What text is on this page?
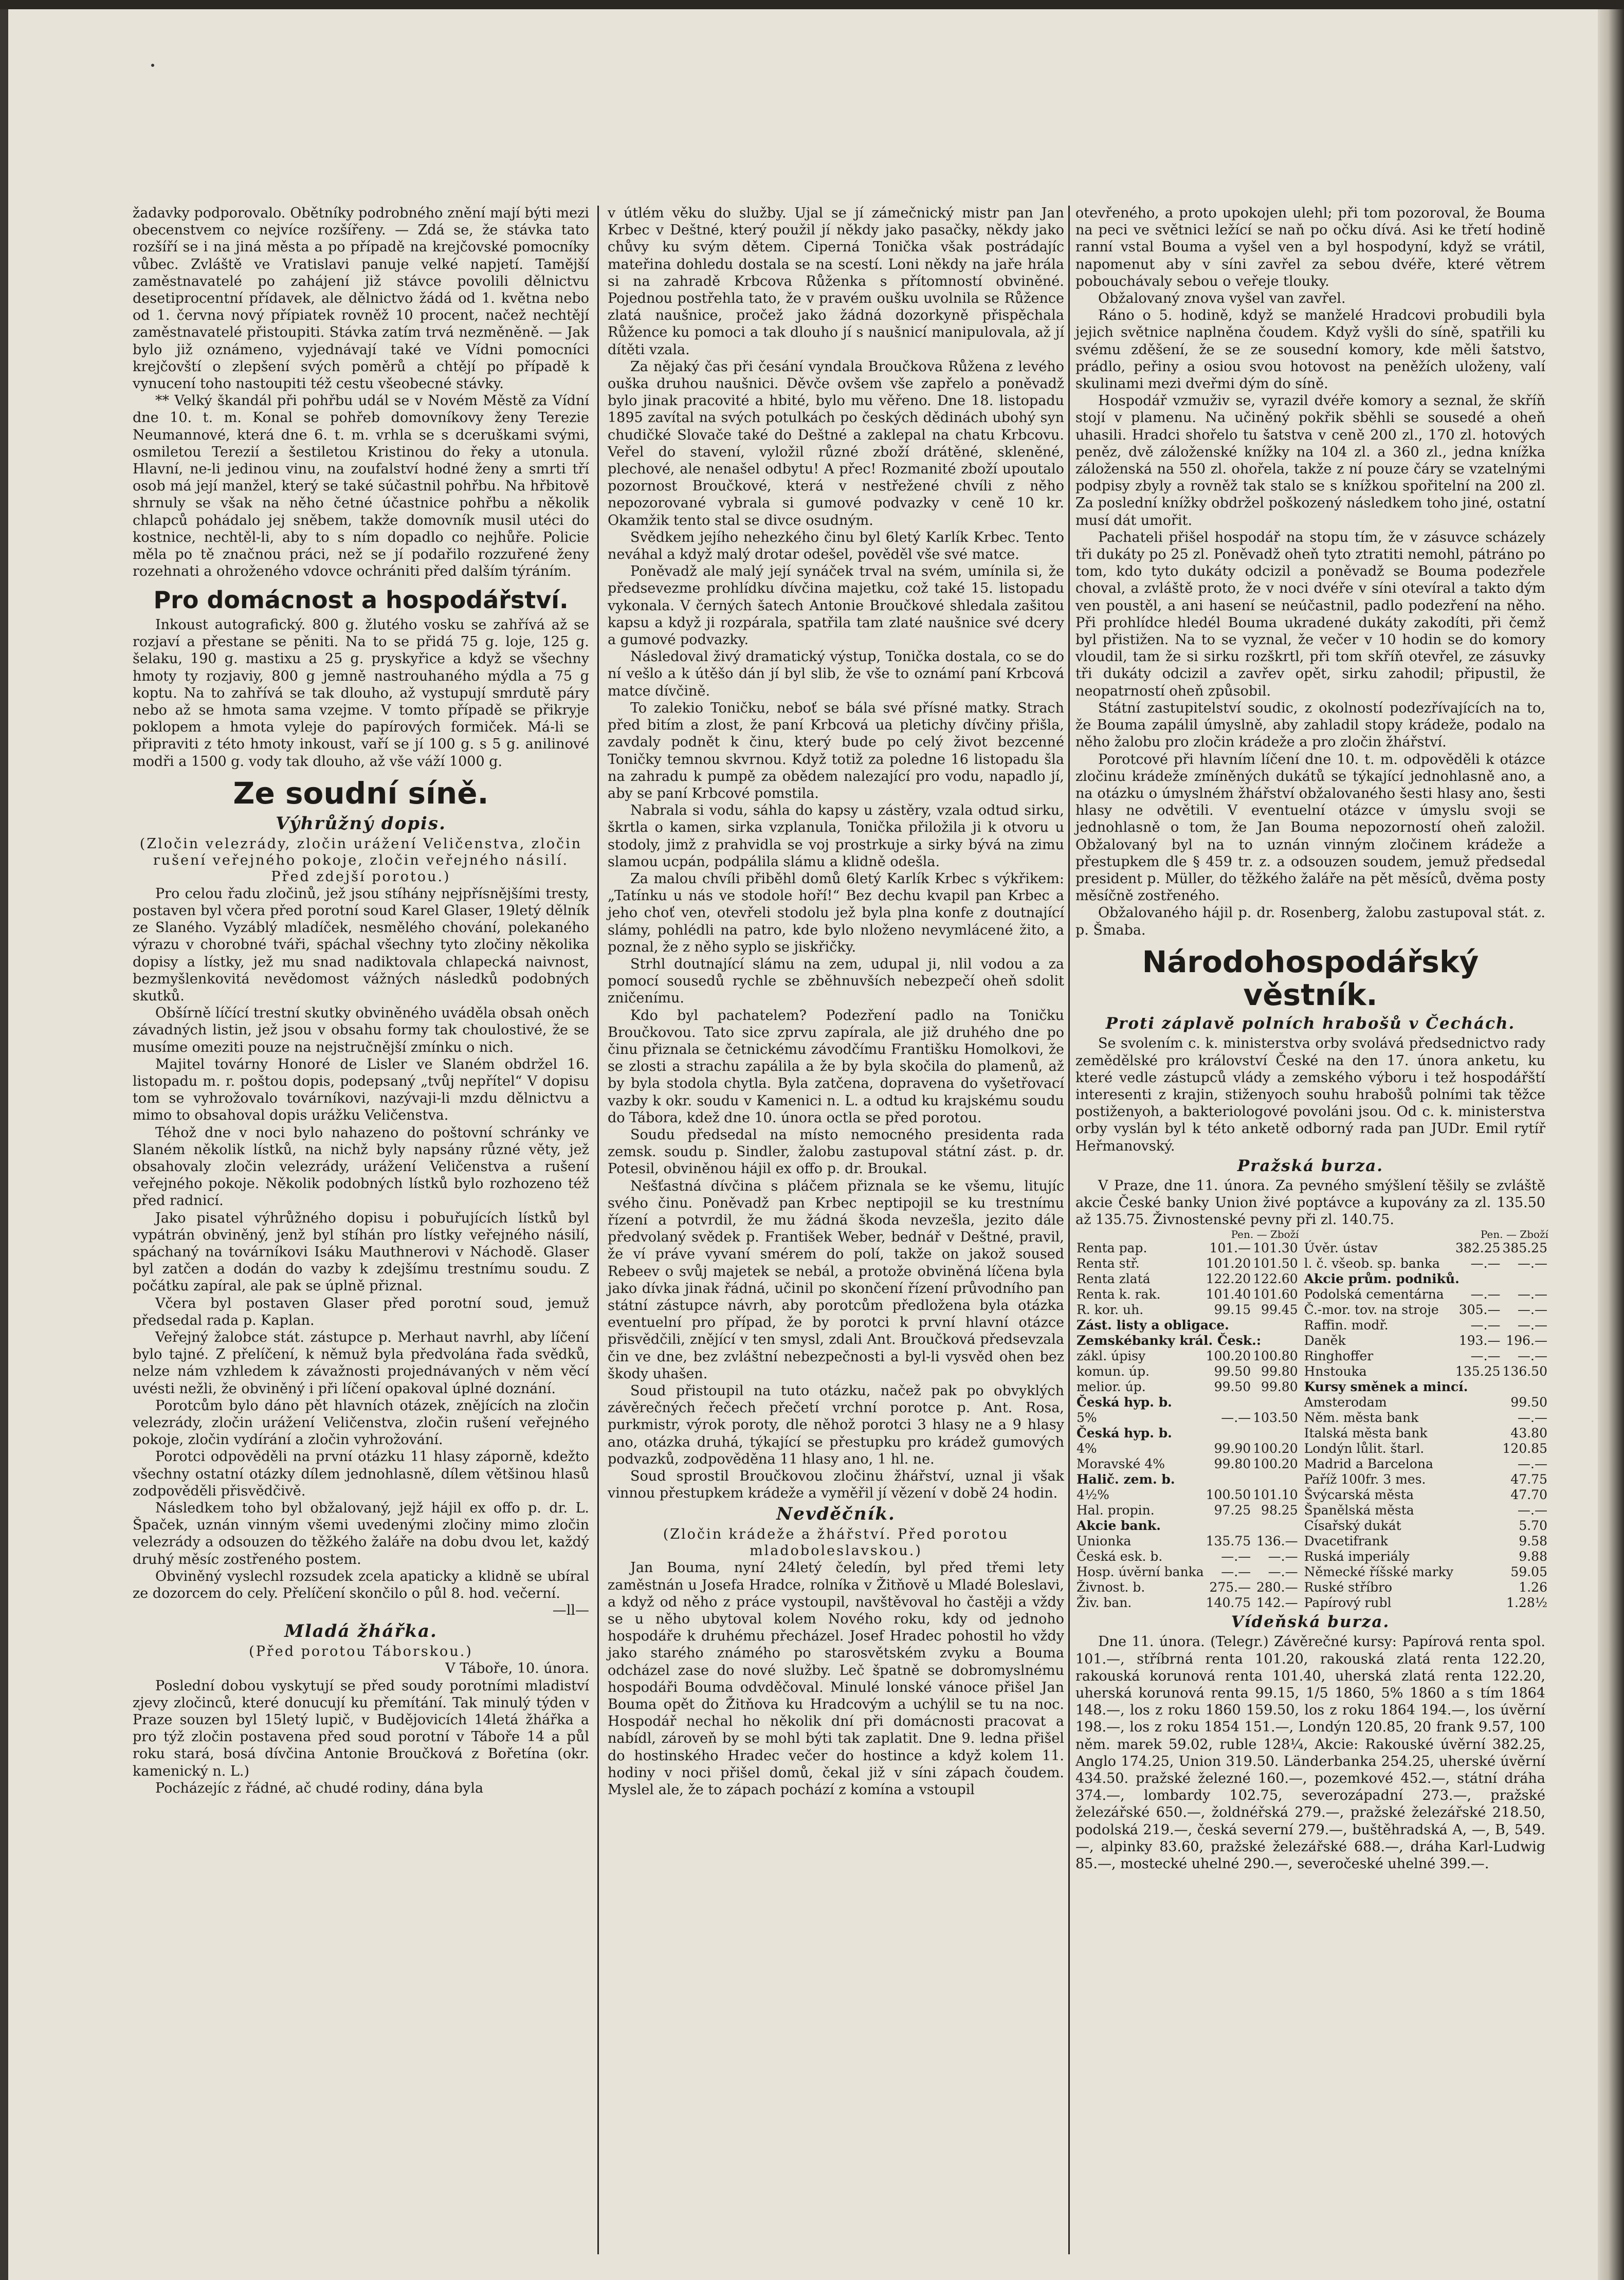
žadavky podporovalo. Obětníky podrobného znění mají býti mezi obecenstvem co nejvíce rozšířeny. — Zdá se, že stávka tato rozšíří se i na jiná města a po případě na krejčovské pomocníky vůbec. Zvláště ve Vratislavi panuje velké napjetí. Tamější zaměstnavatelé po zahájení již stávce povolili dělnictvu desetiprocentní přídavek, ale dělnictvo žádá od 1. května nebo od 1. června nový přípiatek rovněž 10 procent, načež nechtějí zaměstnavatelé přistoupiti. Stávka zatím trvá nezměněně. — Jak bylo již oznámeno, vyjednávají také ve Vídni pomocníci krejčovští o zlepšení svých poměrů a chtějí po případě k vynucení toho nastoupiti též cestu všeobecné stávky.

** Velký škandál při pohřbu udál se v Novém Městě za Vídní dne 10. t. m. Konal se pohřeb domovníkovy ženy Terezie Neumannové, která dne 6. t. m. vrhla se s dceruškami svými, osmiletou Terezií a šestiletou Kristinou do řeky a utonula. Hlavní, ne-li jedinou vinu, na zoufalství hodné ženy a smrti tří osob má její manžel, který se také súčastnil pohřbu. Na hřbitově shrnuly se však na něho četné účastnice pohřbu a několik chlapců pohádalo jej sněbem, takže domovník musil utéci do kostnice, nechtěl-li, aby to s ním dopadlo co nejhůře. Policie měla po tě značnou práci, než se jí podařilo rozzuřené ženy rozehnati a ohroženého vdovce ochrániti před dalším týráním.

Pro domácnost a hospodářství.

Inkoust autografický. 800 g. žlutého vosku se zahřívá až se rozjaví a přestane se pěniti. Na to se přidá 75 g. loje, 125 g. šelaku, 190 g. mastixu a 25 g. pryskyřice a když se všechny hmoty ty rozjaviy, 800 g jemně nastrouhaného mýdla a 75 g koptu. Na to zahřívá se tak dlouho, až vystupují smrdutě páry nebo až se hmota sama vzejme. V tomto případě se přikryje poklopem a hmota vyleje do papírových formiček. Má-li se připraviti z této hmoty inkoust, vaří se jí 100 g. s 5 g. anilinové modři a 1500 g. vody tak dlouho, až vše váží 1000 g.

Ze soudní síně.
Výhrůžný dopis.
(Zločin velezrády, zločin urážení Veličenstva, zločin rušení veřejného pokoje, zločin veřejného násilí. Před zdejší porotou.)

Pro celou řadu zločinů, jež jsou stíhány nejpřísnějšími tresty, postaven byl včera před porotní soud Karel Glaser, 19letý dělník ze Slaného. Vyzáblý mladíček, nesmělého chování, polekaného výrazu v chorobné tváři, spáchal všechny tyto zločiny několika dopisy a lístky, jež mu snad nadiktovala chlapecká naivnost, bezmyšlenkovitá nevědomost vážných následků podobných skutků.

Obšírně líčící trestní skutky obviněného uváděla obsah oněch závadných listin, jež jsou v obsahu formy tak choulostivé, že se musíme omeziti pouze na nejstručnější zmínku o nich.

Majitel továrny Honoré de Lisler ve Slaném obdržel 16. listopadu m. r. poštou dopis, podepsaný „tvůj nepřítel“ V dopisu tom se vyhrožovalo továrníkovi, nazývaji-li mzdu dělnictvu a mimo to obsahoval dopis urážku Veličenstva.

Téhož dne v noci bylo nahazeno do poštovní schránky ve Slaném několik lístků, na nichž byly napsány různé věty, jež obsahovaly zločin velezrády, urážení Veličenstva a rušení veřejného pokoje. Několik podobných lístků bylo rozhozeno též před radnicí.

Jako pisatel výhrůžného dopisu i pobuřujících lístků byl vypátrán obviněný, jenž byl stíhán pro lístky veřejného násilí, spáchaný na továrníkovi Isáku Mauthnerovi v Náchodě. Glaser byl zatčen a dodán do vazby k zdejšímu trestnímu soudu. Z počátku zapíral, ale pak se úplně přiznal.

Včera byl postaven Glaser před porotní soud, jemuž předsedal rada p. Kaplan.

Veřejný žalobce stát. zástupce p. Merhaut navrhl, aby líčení bylo tajné. Z přelíčení, k němuž byla předvolána řada svědků, nelze nám vzhledem k závažnosti projednávaných v něm věcí uvésti nežli, že obviněný i při líčení opakoval úplné doznání.

Porotcům bylo dáno pět hlavních otázek, znějících na zločin velezrády, zločin urážení Veličenstva, zločin rušení veřejného pokoje, zločin vydírání a zločin vyhrožování.

Porotci odpověděli na první otázku 11 hlasy záporně, kdežto všechny ostatní otázky dílem jednohlasně, dílem většinou hlasů zodpověděli přisvědčivě.

Následkem toho byl obžalovaný, jejž hájil ex offo p. dr. L. Špaček, uznán vinným všemi uvedenými zločiny mimo zločin velezrády a odsouzen do těžkého žaláře na dobu dvou let, každý druhý měsíc zostřeného postem.

Obviněný vyslechl rozsudek zcela apaticky a klidně se ubíral ze dozorcem do cely. Přelíčení skončilo o půl 8. hod. večerní.

—ll—

Mladá žhářka.
(Před porotou Táborskou.)

V Táboře, 10. února.

Poslední dobou vyskytují se před soudy porotními mladiství zjevy zločinců, které donucují ku přemítání. Tak minulý týden v Praze souzen byl 15letý lupič, v Budějovicích 14letá žhářka a pro týž zločin postavena před soud porotní v Táboře 14 a půl roku stará, bosá dívčina Antonie Broučková z Bořetína (okr. kamenický n. L.)

Pocházejíc z řádné, ač chudé rodiny, dána byla

v útlém věku do služby. Ujal se jí zámečnický mistr pan Jan Krbec v Deštné, který použil jí někdy jako pasačky, někdy jako chůvy ku svým dětem. Ciperná Tonička však postrádajíc mateřina dohledu dostala se na scestí. Loni někdy na jaře hrála si na zahradě Krbcova Růženka s přítomností obviněné. Pojednou postřehla tato, že v pravém oušku uvolnila se Růžence zlatá naušnice, pročež jako žádná dozorkyně přispěchala Růžence ku pomoci a tak dlouho jí s naušnicí manipulovala, až jí dítěti vzala.

Za nějaký čas při česání vyndala Broučkova Růžena z levého ouška druhou naušnici. Děvče ovšem vše zapřelo a poněvadž bylo jinak pracovité a hbité, bylo mu věřeno. Dne 18. listopadu 1895 zavítal na svých potulkách po českých dědinách ubohý syn chudičké Slovače také do Deštné a zaklepal na chatu Krbcovu. Veřel do stavení, vyložil různé zboží drátěné, skleněné, plechové, ale nenašel odbytu! A přec! Rozmanité zboží upoutalo pozornost Broučkové, která v nestřežené chvíli z něho nepozorované vybrala si gumové podvazky v ceně 10 kr. Okamžik tento stal se divce osudným.

Svědkem jejího nehezkého činu byl 6letý Karlík Krbec. Tento neváhal a když malý drotar odešel, pověděl vše své matce.

Poněvadž ale malý její synáček trval na svém, umínila si, že předsevezme prohlídku dívčina majetku, což také 15. listopadu vykonala. V černých šatech Antonie Broučkové shledala zašitou kapsu a když ji rozpárala, spatřila tam zlaté naušnice své dcery a gumové podvazky.

Následoval živý dramatický výstup, Tonička dostala, co se do ní vešlo a k útěšo dán jí byl slib, že vše to oznámí paní Krbcová matce dívčině.

To zalekio Toničku, neboť se bála své přísné matky. Strach před bitím a zlost, že paní Krbcová ua pletichy dívčiny přišla, zavdaly podnět k činu, který bude po celý život bezcenné Toničky temnou skvrnou. Když totiž za poledne 16 listopadu šla na zahradu k pumpě za obědem nalezající pro vodu, napadlo jí, aby se paní Krbcové pomstila.

Nabrala si vodu, sáhla do kapsy u zástěry, vzala odtud sirku, škrtla o kamen, sirka vzplanula, Tonička přiložila ji k otvoru u stodoly, jimž z prahvidla se voj prostrkuje a sirky bývá na zimu slamou ucpán, podpálila slámu a klidně odešla.

Za malou chvíli přiběhl domů 6letý Karlík Krbec s výkřikem: „Tatínku u nás ve stodole hoří!“ Bez dechu kvapil pan Krbec a jeho choť ven, otevřeli stodolu jež byla plna konfe z doutnající slámy, pohlédli na patro, kde bylo nloženo nevymlácené žito, a poznal, že z něho syplo se jiskřičky.

Strhl doutnající slámu na zem, udupal ji, nlil vodou a za pomocí sousedů rychle se zběhnuvších nebezpečí oheň sdolit zničenímu.

Kdo byl pachatelem? Podezření padlo na Toničku Broučkovou. Tato sice zprvu zapírala, ale již druhého dne po činu přiznala se četnickému závodčímu Františku Homolkovi, že se zlosti a strachu zapálila a že by byla skočila do plamenů, až by byla stodola chytla. Byla zatčena, dopravena do vyšetřovací vazby k okr. soudu v Kamenici n. L. a odtud ku krajskému soudu do Tábora, kdež dne 10. února octla se před porotou.

Soudu předsedal na místo nemocného presidenta rada zemsk. soudu p. Sindler, žalobu zastupoval státní zást. p. dr. Potesil, obviněnou hájil ex offo p. dr. Broukal.

Nešťastná dívčina s pláčem přiznala se ke všemu, litujíc svého činu. Poněvadž pan Krbec neptipojil se ku trestnímu řízení a potvrdil, že mu žádná škoda nevzešla, jezito dále předvolaný svědek p. František Weber, bednář v Deštné, pravil, že ví práve vyvaní smérem do polí, takže on jakož soused Rebeev o svůj majetek se nebál, a protože obviněná líčena byla jako dívka jinak řádná, učinil po skončení řízení průvodního pan státní zástupce návrh, aby porotcům předložena byla otázka eventuelní pro případ, že by porotci k první hlavní otázce přisvědčili, znějící v ten smysl, zdali Ant. Broučková předsevzala čin ve dne, bez zvláštní nebezpečnosti a byl-li vysvěd ohen bez škody uhašen.

Soud přistoupil na tuto otázku, načež pak po obvyklých závěrečných řečech přečetí vrchní porotce p. Ant. Rosa, purkmistr, výrok poroty, dle něhož porotci 3 hlasy ne a 9 hlasy ano, otázka druhá, týkající se přestupku pro krádež gumových podvazků, zodpověděna 11 hlasy ano, 1 hl. ne.

Soud sprostil Broučkovou zločinu žhářství, uznal ji však vinnou přestupkem krádeže a vyměřil jí vězení v době 24 hodin.

Nevděčník.
(Zločin krádeže a žhářství. Před porotou mladoboleslavskou.)

Jan Bouma, nyní 24letý čeledín, byl před třemi lety zaměstnán u Josefa Hradce, rolníka v Žitňově u Mladé Boleslavi, a když od něho z práce vystoupil, navštěvoval ho častěji a vždy se u něho ubytoval kolem Nového roku, kdy od jednoho hospodáře k druhému přecházel. Josef Hradec pohostil ho vždy jako starého známého po starosvětském zvyku a Bouma odcházel zase do nové služby. Leč špatně se dobromyslnému hospodáři Bouma odvděčoval. Minulé lonské vánoce přišel Jan Bouma opět do Žitňova ku Hradcovým a uchýlil se tu na noc. Hospodář nechal ho několik dní při domácnosti pracovat a nabídl, zároveň by se mohl býti tak zaplatit. Dne 9. ledna přišel do hostinského Hradec večer do hostince a když kolem 11. hodiny v noci přišel domů, čekal již v síni zápach čoudem. Myslel ale, že to zápach pochází z komína a vstoupil

otevřeného, a proto upokojen ulehl; při tom pozoroval, že Bouma na peci ve světnici ležící se naň po očku dívá. Asi ke třetí hodině ranní vstal Bouma a vyšel ven a byl hospodyní, když se vrátil, napomenut aby v síni zavřel za sebou dvéře, které větrem pobouchávaly sebou o veřeje tlouky.

Obžalovaný znova vyšel van zavřel.

Ráno o 5. hodině, když se manželé Hradcovi probudili byla jejich světnice naplněna čoudem. Když vyšli do síně, spatřili ku svému zděšení, že se ze sousední komory, kde měli šatstvo, prádlo, peřiny a osiou svou hotovost na peněžích uloženy, valí skulinami mezi dveřmi dým do síně.

Hospodář vzmuživ se, vyrazil dvéře komory a seznal, že skříň stojí v plamenu. Na učiněný pokřik sběhli se sousedé a oheň uhasili. Hradci shořelo tu šatstva v ceně 200 zl., 170 zl. hotových peněz, dvě záloženské knížky na 104 zl. a 360 zl., jedna knížka záloženská na 550 zl. ohořela, takže z ní pouze čáry se vzatelnými podpisy zbyly a rovněž tak stalo se s knížkou spořitelní na 200 zl. Za poslední knížky obdržel poškozený následkem toho jiné, ostatní musí dát umořit.

Pachateli přišel hospodář na stopu tím, že v zásuvce scházely tři dukáty po 25 zl. Poněvadž oheň tyto ztratiti nemohl, pátráno po tom, kdo tyto dukáty odcizil a poněvadž se Bouma podezřele choval, a zvláště proto, že v noci dvéře v síni otevíral a takto dým ven poustěl, a ani hasení se neúčastnil, padlo podezření na něho. Při prohlídce hledél Bouma ukradené dukáty zakodíti, při čemž byl přistižen. Na to se vyznal, že večer v 10 hodin se do komory vloudil, tam že si sirku rozškrtl, při tom skříň otevřel, ze zásuvky tři dukáty odcizil a zavřev opět, sirku zahodil; připustil, že neopatrností oheň způsobil.

Státní zastupitelství soudic, z okolností podezřívajících na to, že Bouma zapálil úmyslně, aby zahladil stopy krádeže, podalo na něho žalobu pro zločin krádeže a pro zločin žhářství.

Porotcové při hlavním líčení dne 10. t. m. odpověděli k otázce zločinu krádeže zmíněných dukátů se týkající jednohlasně ano, a na otázku o úmyslném žhářství obžalovaného šesti hlasy ano, šesti hlasy ne odvětili. V eventuelní otázce v úmyslu svoji se jednohlasně o tom, že Jan Bouma nepozorností oheň založil. Obžalovaný byl na to uznán vinným zločinem krádeže a přestupkem dle § 459 tr. z. a odsouzen soudem, jemuž předsedal president p. Müller, do těžkého žaláře na pět měsíců, dvěma posty měsíčně zostřeného.

Obžalovaného hájil p. dr. Rosenberg, žalobu zastupoval stát. z. p. Šmaba.

Národohospodářský věstník.
Proti záplavě polních hrabošů v Čechách.

Se svolením c. k. ministerstva orby svolává předsednictvo rady zemědělské pro království České na den 17. února anketu, ku které vedle zástupců vlády a zemského výboru i tež hospodářští interesenti z krajin, stiženyoch souhu hrabošů polními tak těžce postiženyoh, a bakteriologové povoláni jsou. Od c. k. ministerstva orby vyslán byl k této anketě odborný rada pan JUDr. Emil rytíř Heřmanovský.

Pražská burza.

V Praze, dne 11. února. Za pevného smýšlení těšily se zvláště akcie České banky Union živé poptávce a kupovány za zl. 135.50 až 135.75. Živnostenské pevny při zl. 140.75.

Pen. — Zboží
Renta pap.	101.—	101.30
Renta stř.	101.20	101.50
Renta zlatá	122.20	122.60
Renta k. rak.	101.40	101.60
R. kor. uh.	99.15	99.45
Zást. listy a obligace.		
Zemskébanky král. Česk.:		
zákl. úpisy	100.20	100.80
komun. úp.	99.50	99.80
melior. úp.	99.50	99.80
Česká hyp. b.		
5%	—.—	103.50
Česká hyp. b.		
4%	99.90	100.20
Moravské 4%	99.80	100.20
Halič. zem. b.		
4½%	100.50	101.10
Hal. propin.	97.25	98.25
Akcie bank.		
Unionka	135.75	136.—
Česká esk. b.	—.—	—.—
Hosp. úvěrní banka	—.—	—.—
Živnost. b.	275.—	280.—
Živ. ban.	140.75	142.—
Pen. — Zboží
Úvěr. ústav	382.25	385.25
l. č. všeob. sp. banka	—.—	—.—
Akcie prům. podniků.		
Podolská cementárna	—.—	—.—
Č.-mor. tov. na stroje	305.—	—.—
Raffin. modř.	—.—	—.—
Daněk	193.—	196.—
Ringhoffer	—.—	—.—
Hnstouka	135.25	136.50
Kursy směnek a mincí.		
Amsterodam		99.50
Něm. města bank		—.—
Italská města bank		43.80
Londýn lůlit. štarl.		120.85
Madrid a Barcelona		—.—
Paříž 100fr. 3 mes.		47.75
Švýcarská města		47.70
Španělská města		—.—
Císařský dukát		5.70
Dvacetifrank		9.58
Ruská imperiály		9.88
Německé říšské marky		59.05
Ruské stříbro		1.26
Papírový rubl		1.28½
Vídeňská burza.

Dne 11. února. (Telegr.) Závěrečné kursy: Papírová renta spol. 101.—, stříbrná renta 101.20, rakouská zlatá renta 122.20, rakouská korunová renta 101.40, uherská zlatá renta 122.20, uherská korunová renta 99.15, 1/5 1860, 5% 1860 a s tím 1864 148.—, los z roku 1860 159.50, los z roku 1864 194.—, los úvěrní 198.—, los z roku 1854 151.—, Londýn 120.85, 20 frank 9.57, 100 něm. marek 59.02, ruble 128¼, Akcie: Rakouské úvěrní 382.25, Anglo 174.25, Union 319.50. Länderbanka 254.25, uherské úvěrní 434.50. pražské železné 160.—, pozemkové 452.—, státní dráha 374.—, lombardy 102.75, severozápadní 273.—, pražské železářské 650.—, žoldnéřská 279.—, pražské železářské 218.50, podolská 219.—, česká severní 279.—, buštěhradská A, —, B, 549.—, alpinky 83.60, pražské železářské 688.—, dráha Karl-Ludwig 85.—, mostecké uhelné 290.—, severočeské uhelné 399.—.
